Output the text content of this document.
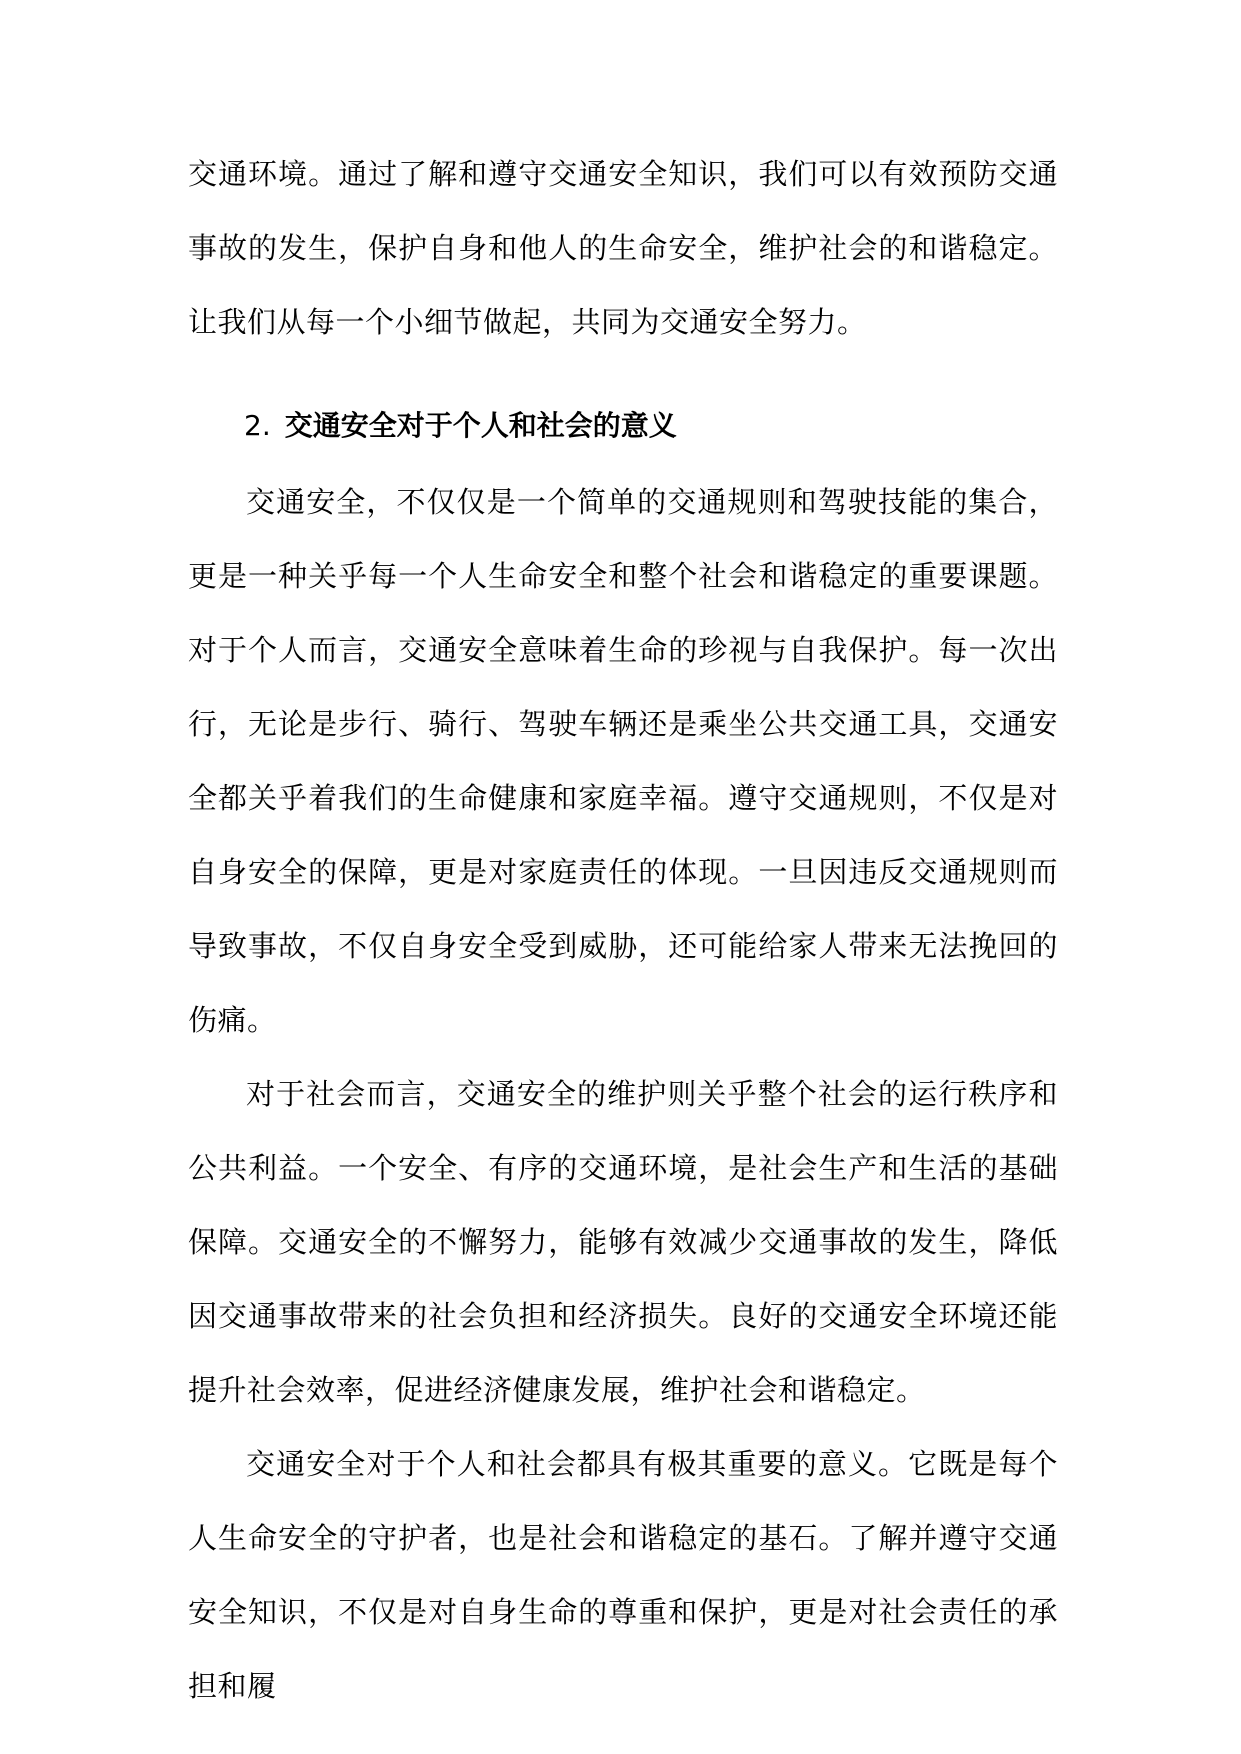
交通环境。通过了解和遵守交通安全知识，我们可以有效预防交通事故的发生，保护自身和他人的生命安全，维护社会的和谐稳定。让我们从每一个小细节做起，共同为交通安全努力。

2. 交通安全对于个人和社会的意义

交通安全，不仅仅是一个简单的交通规则和驾驶技能的集合，更是一种关乎每一个人生命安全和整个社会和谐稳定的重要课题。对于个人而言，交通安全意味着生命的珍视与自我保护。每一次出行，无论是步行、骑行、驾驶车辆还是乘坐公共交通工具，交通安全都关乎着我们的生命健康和家庭幸福。遵守交通规则，不仅是对自身安全的保障，更是对家庭责任的体现。一旦因违反交通规则而导致事故，不仅自身安全受到威胁，还可能给家人带来无法挽回的伤痛。

对于社会而言，交通安全的维护则关乎整个社会的运行秩序和公共利益。一个安全、有序的交通环境，是社会生产和生活的基础保障。交通安全的不懈努力，能够有效减少交通事故的发生，降低因交通事故带来的社会负担和经济损失。良好的交通安全环境还能提升社会效率，促进经济健康发展，维护社会和谐稳定。

交通安全对于个人和社会都具有极其重要的意义。它既是每个人生命安全的守护者，也是社会和谐稳定的基石。了解并遵守交通安全知识，不仅是对自身生命的尊重和保护，更是对社会责任的承担和履
